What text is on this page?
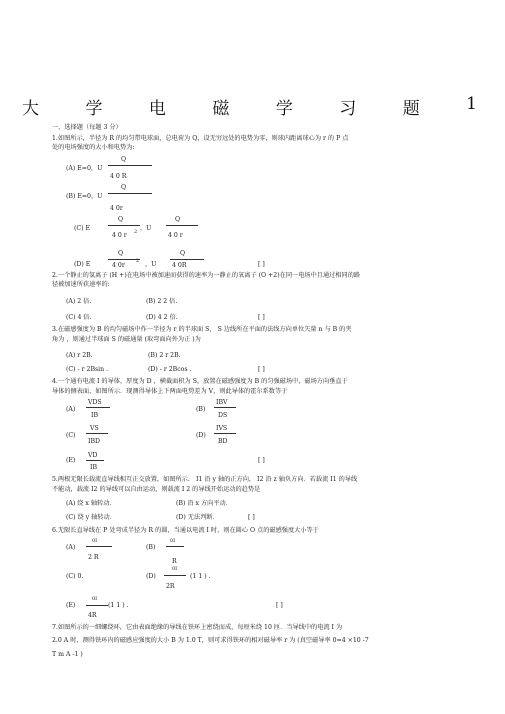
大	学	电	磁	学	习	题	1
一、选择题（每题 3 分）
1.如图所示，半径为 R 的均匀带电球面，总电荷为 Q，设无穷远处的电势为零，则球内距离球心为 r 的 P 点
处的电场强度的大小和电势为:
(A) E=0，U
Q
4 0 R
(B) E=0，U
Q
4 0r
(C) E
Q
4 0 r 2 ，U
Q
4 0 r
(D) E
Q
4 0r
2 ，U
Q
4 0R	[ ]
2.一个静止的氢离子 (H +)在电场中被加速而获得的速率为一静止的氧离子 (O +2)在同一电场中且通过相同的路
径被加速所获速率的:
(A) 2 倍.	(B) 2 2 倍.
(C) 4 倍.	(D) 4 2 倍.	[ ]
3.在磁感强度为 B 的均匀磁场中作一半径为 r 的半球面 S， S 边线所在平面的法线方向单位矢量 n 与 B 的夹
角为 ，则通过半球面 S 的磁通量 (取弯面向外为正 )为
(A) r 2B.	(B) 2 r 2B.
(C) - r 2Bsin .	(D) - r 2Bcos .	[ ]
4.一个通有电流 I 的导体，厚度为 D ，横截面积为 S，放置在磁感强度为 B 的匀强磁场中，磁场方向垂直于
导体的侧表面，如图所示．现测得导体上下两面电势差为 V，则此导体的霍尔系数等于
(A)
VDS
IB
(B)
IBV
DS
(C)
VS
IBD
(D)
IVS
BD
(E)
VD
IB
[ ]
5.两根无限长载流直导线相互正交放置，如图所示． I1 沿 y 轴的正方向， I2 沿 z 轴负方向．若载流 I1 的导线
不能动，载流 I2 的导线可以自由运动，则载流 I 2 的导线开始运动的趋势是
(A) 绕 x 轴转动．	(B) 沿 x 方向平动．
(C) 绕 y 轴转动．	(D) 无法判断．	[ ]
6.无限长直导线在 P 处弯成半径为 R 的圆，当通以电流 I 时，则在圆心 O 点的磁感强度大小等于
(A)
0I
2 R
(B)
0I
R
(C) 0.	(D)
0I
2R
(1 1 ) .
(E)
0I
4R
(1 1 ) .	[ ]
7.如图所示的一细螺绕环，它由表面绝缘的导线在铁环上密绕而成，每厘米绕 10 匝．当导线中的电流 I 为
2.0 A 时，测得铁环内的磁感应强度的大小 B 为 1.0 T，则可求得铁环的相对磁导率 r 为 (真空磁导率 0=4 ×10 -7
T m A -1 )
